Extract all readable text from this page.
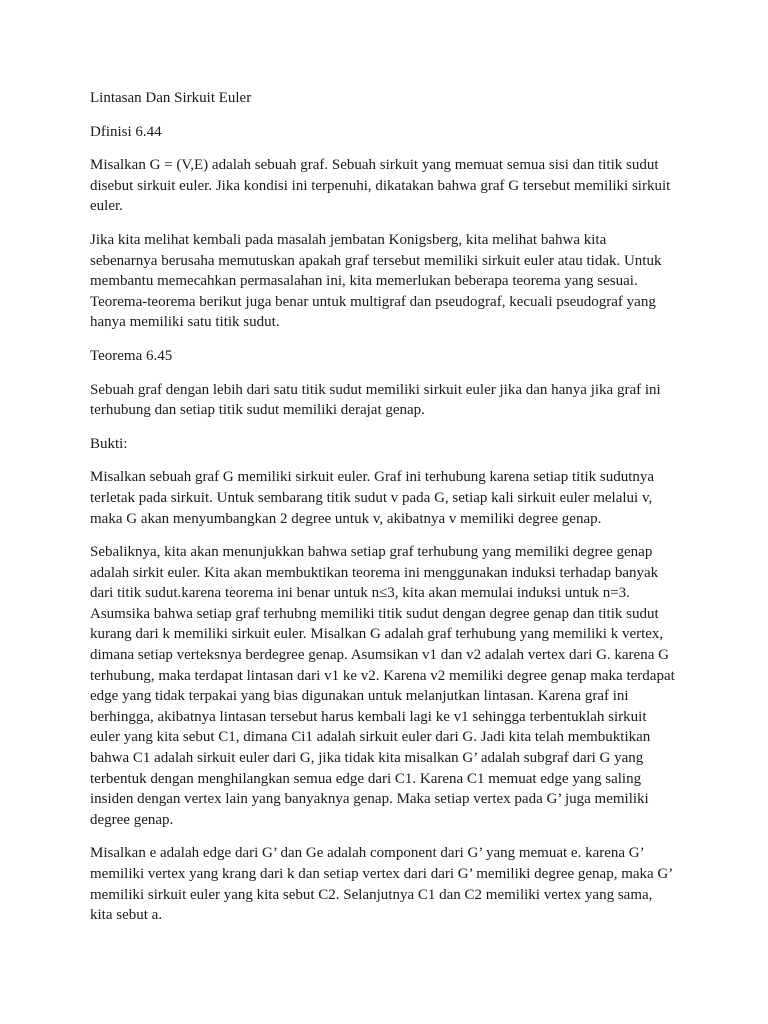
Lintasan Dan Sirkuit Euler

Dfinisi 6.44

Misalkan G = (V,E) adalah sebuah graf. Sebuah sirkuit yang memuat semua sisi dan titik sudut
disebut sirkuit euler. Jika kondisi ini terpenuhi, dikatakan bahwa graf G tersebut memiliki sirkuit
euler.

Jika kita melihat kembali pada masalah jembatan Konigsberg, kita melihat bahwa kita
sebenarnya berusaha memutuskan apakah graf tersebut memiliki sirkuit euler atau tidak. Untuk
membantu memecahkan permasalahan ini, kita memerlukan beberapa teorema yang sesuai.
Teorema-teorema berikut juga benar untuk multigraf dan pseudograf, kecuali pseudograf yang
hanya memiliki satu titik sudut.

Teorema 6.45

Sebuah graf dengan lebih dari satu titik sudut memiliki sirkuit euler jika dan hanya jika graf ini
terhubung dan setiap titik sudut memiliki derajat genap.

Bukti:

Misalkan sebuah graf G memiliki sirkuit euler. Graf ini terhubung karena setiap titik sudutnya
terletak pada sirkuit. Untuk sembarang titik sudut v pada G, setiap kali sirkuit euler melalui v,
maka G akan menyumbangkan 2 degree untuk v, akibatnya v memiliki degree genap.

Sebaliknya, kita akan menunjukkan bahwa setiap graf terhubung yang memiliki degree genap
adalah sirkit euler. Kita akan membuktikan teorema ini menggunakan induksi terhadap banyak
dari titik sudut.karena teorema ini benar untuk n≤3, kita akan memulai induksi untuk n=3.
Asumsika bahwa setiap graf terhubng memiliki titik sudut dengan degree genap dan titik sudut
kurang dari k memiliki sirkuit euler. Misalkan G adalah graf terhubung yang memiliki k vertex,
dimana setiap verteksnya berdegree genap. Asumsikan v1 dan v2 adalah vertex dari G. karena G
terhubung, maka terdapat lintasan dari v1 ke v2. Karena v2 memiliki degree genap maka terdapat
edge yang tidak terpakai yang bias digunakan untuk melanjutkan lintasan. Karena graf ini
berhingga, akibatnya lintasan tersebut harus kembali lagi ke v1 sehingga terbentuklah sirkuit
euler yang kita sebut C1, dimana Ci1 adalah sirkuit euler dari G. Jadi kita telah membuktikan
bahwa C1 adalah sirkuit euler dari G, jika tidak kita misalkan G’ adalah subgraf dari G yang
terbentuk dengan menghilangkan semua edge dari C1. Karena C1 memuat edge yang saling
insiden dengan vertex lain yang banyaknya genap. Maka setiap vertex pada G’ juga memiliki
degree genap.

Misalkan e adalah edge dari G’ dan Ge adalah component dari G’ yang memuat e. karena G’
memiliki vertex yang krang dari k dan setiap vertex dari dari G’ memiliki degree genap, maka G’
memiliki sirkuit euler yang kita sebut C2. Selanjutnya C1 dan C2 memiliki vertex yang sama,
kita sebut a.
